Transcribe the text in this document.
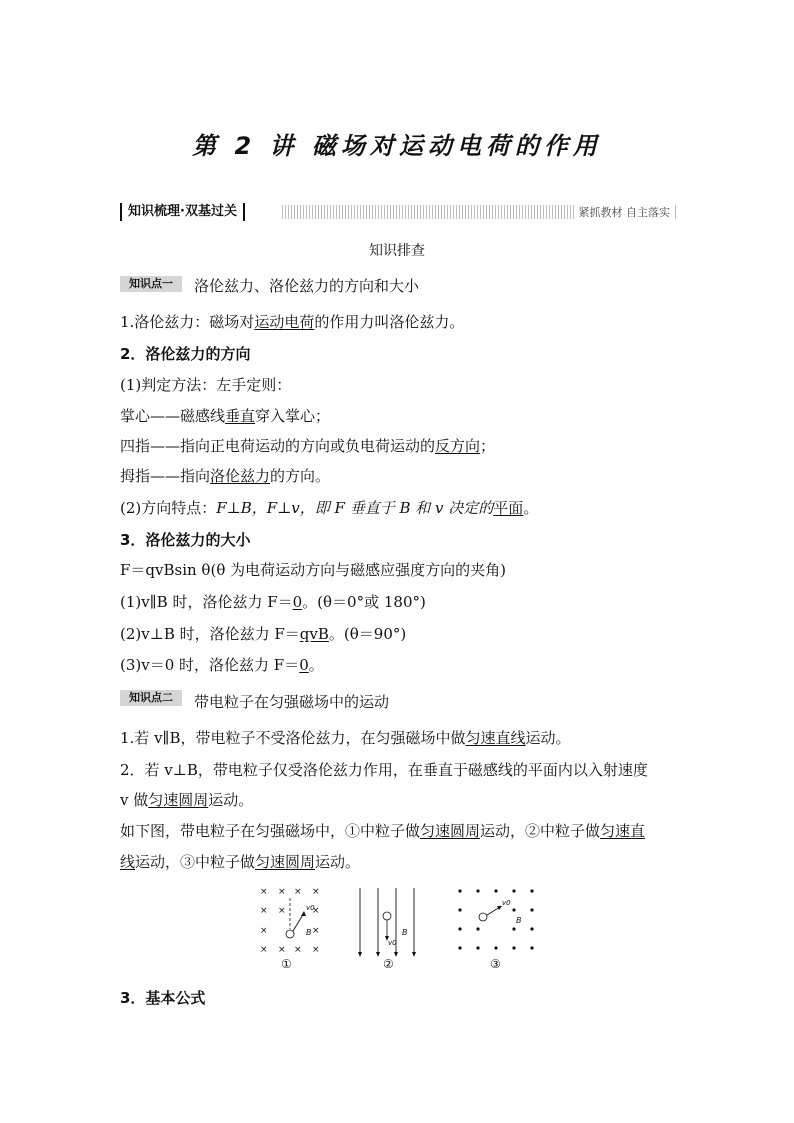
第 2 讲 磁场对运动电荷的作用
知识梳理·双基过关	紧抓教材 自主落实
知识排查
知识点一	洛伦兹力、洛伦兹力的方向和大小
1.洛伦兹力：磁场对运动电荷的作用力叫洛伦兹力。
2．洛伦兹力的方向
(1)判定方法：左手定则：
掌心——磁感线垂直穿入掌心；
四指——指向正电荷运动的方向或负电荷运动的反方向；
拇指——指向洛伦兹力的方向。
(2)方向特点：F⊥B，F⊥v，即 F 垂直于 B 和 v 决定的平面。
3．洛伦兹力的大小
F＝qvBsin θ(θ 为电荷运动方向与磁感应强度方向的夹角)
(1)v∥B 时，洛伦兹力 F＝0。(θ＝0°或 180°)
(2)v⊥B 时，洛伦兹力 F＝qvB。(θ＝90°)
(3)v＝0 时，洛伦兹力 F＝0。
知识点二	带电粒子在匀强磁场中的运动
1.若 v∥B，带电粒子不受洛伦兹力，在匀强磁场中做匀速直线运动。
2．若 v⊥B，带电粒子仅受洛伦兹力作用，在垂直于磁感线的平面内以入射速度
v 做匀速圆周运动。
如下图，带电粒子在匀强磁场中，①中粒子做匀速圆周运动，②中粒子做匀速直
线运动，③中粒子做匀速圆周运动。
× × × ×
× ×	×
×	×
× × × ×
v0
B
v0
B
v0
B
①	②	③
3．基本公式
